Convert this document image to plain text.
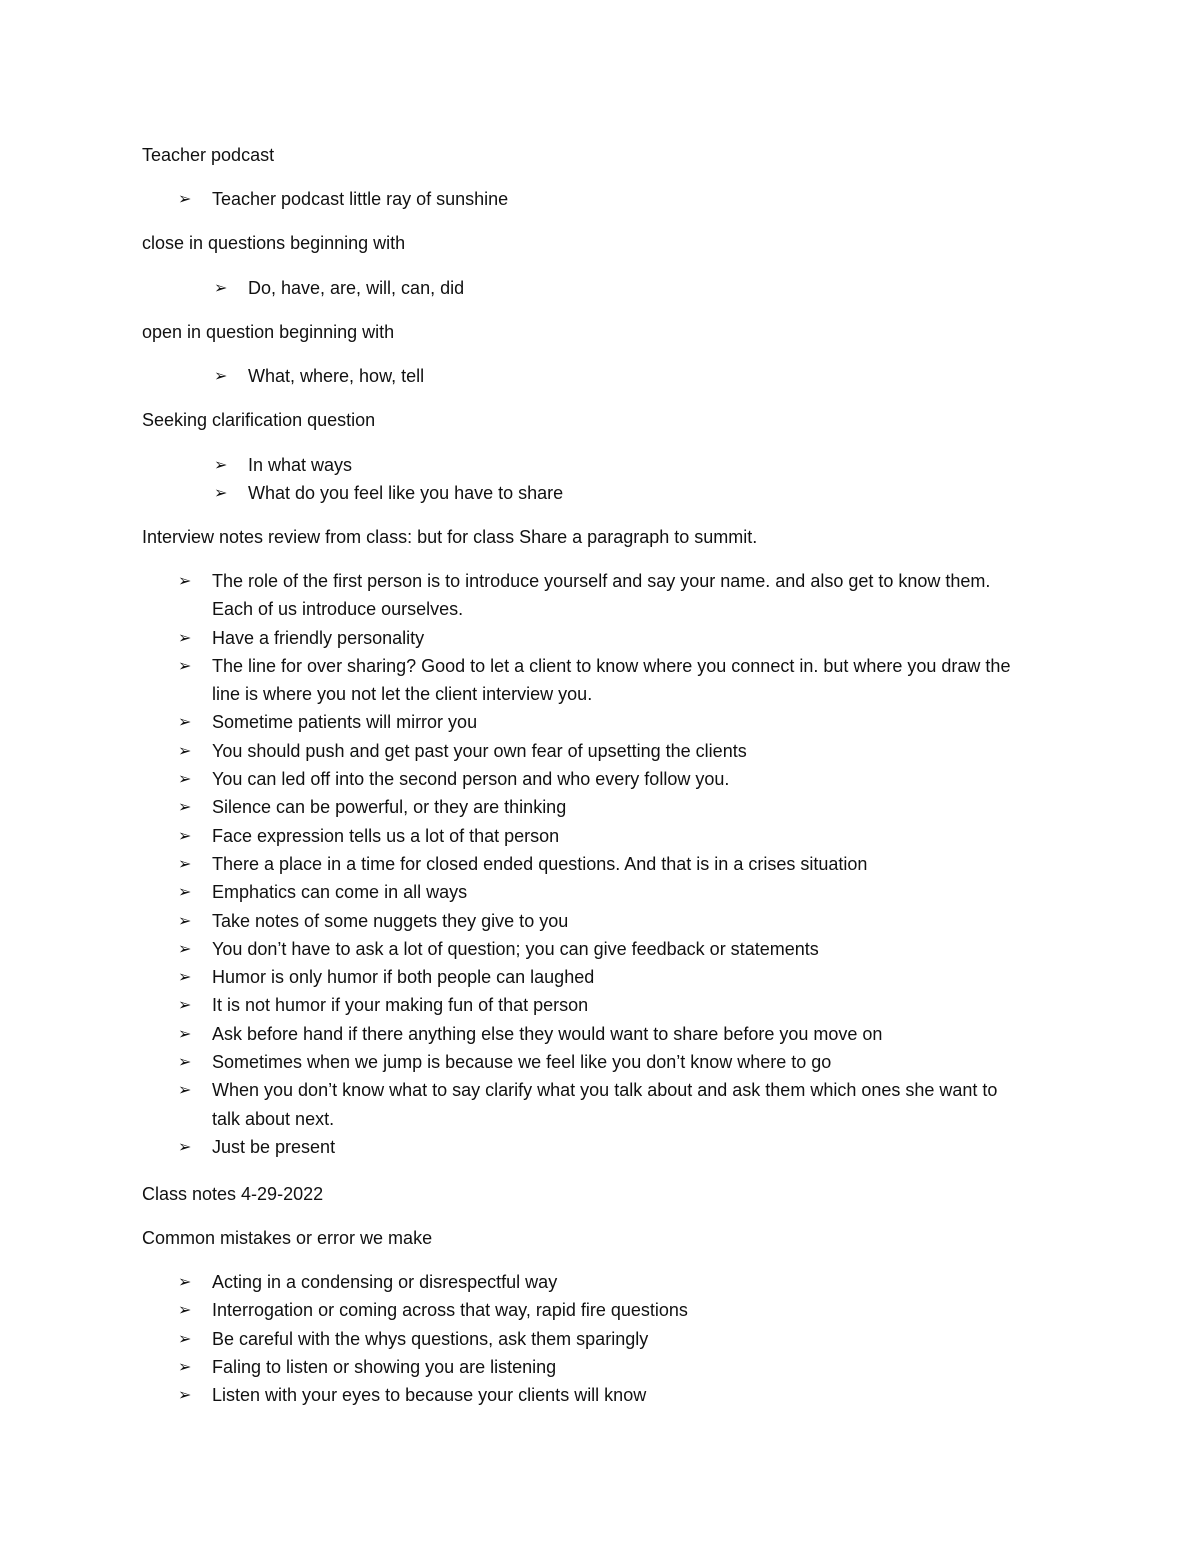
Teacher podcast
➢	Teacher podcast little ray of sunshine
close in questions beginning with
➢	Do, have, are, will, can, did
open in question beginning with
➢	What, where, how, tell
Seeking clarification question
➢	In what ways
➢	What do you feel like you have to share
Interview notes review from class: but for class Share a paragraph to summit.
➢	The role of the first person is to introduce yourself and say your name. and also get to know them. Each of us introduce ourselves.
➢	Have a friendly personality
➢	The line for over sharing? Good to let a client to know where you connect in. but where you draw the line is where you not let the client interview you.
➢	Sometime patients will mirror you
➢	You should push and get past your own fear of upsetting the clients
➢	You can led off into the second person and who every follow you.
➢	Silence can be powerful, or they are thinking
➢	Face expression tells us a lot of that person
➢	There a place in a time for closed ended questions. And that is in a crises situation
➢	Emphatics can come in all ways
➢	Take notes of some nuggets they give to you
➢	You don’t have to ask a lot of question; you can give feedback or statements
➢	Humor is only humor if both people can laughed
➢	It is not humor if your making fun of that person
➢	Ask before hand if there anything else they would want to share before you move on
➢	Sometimes when we jump is because we feel like you don’t know where to go
➢	When you don’t know what to say clarify what you talk about and ask them which ones she want to talk about next.
➢	Just be present
Class notes 4-29-2022
Common mistakes or error we make
➢	Acting in a condensing or disrespectful way
➢	Interrogation or coming across that way, rapid fire questions
➢	Be careful with the whys questions, ask them sparingly
➢	Faling to listen or showing you are listening
➢	Listen with your eyes to because your clients will know
